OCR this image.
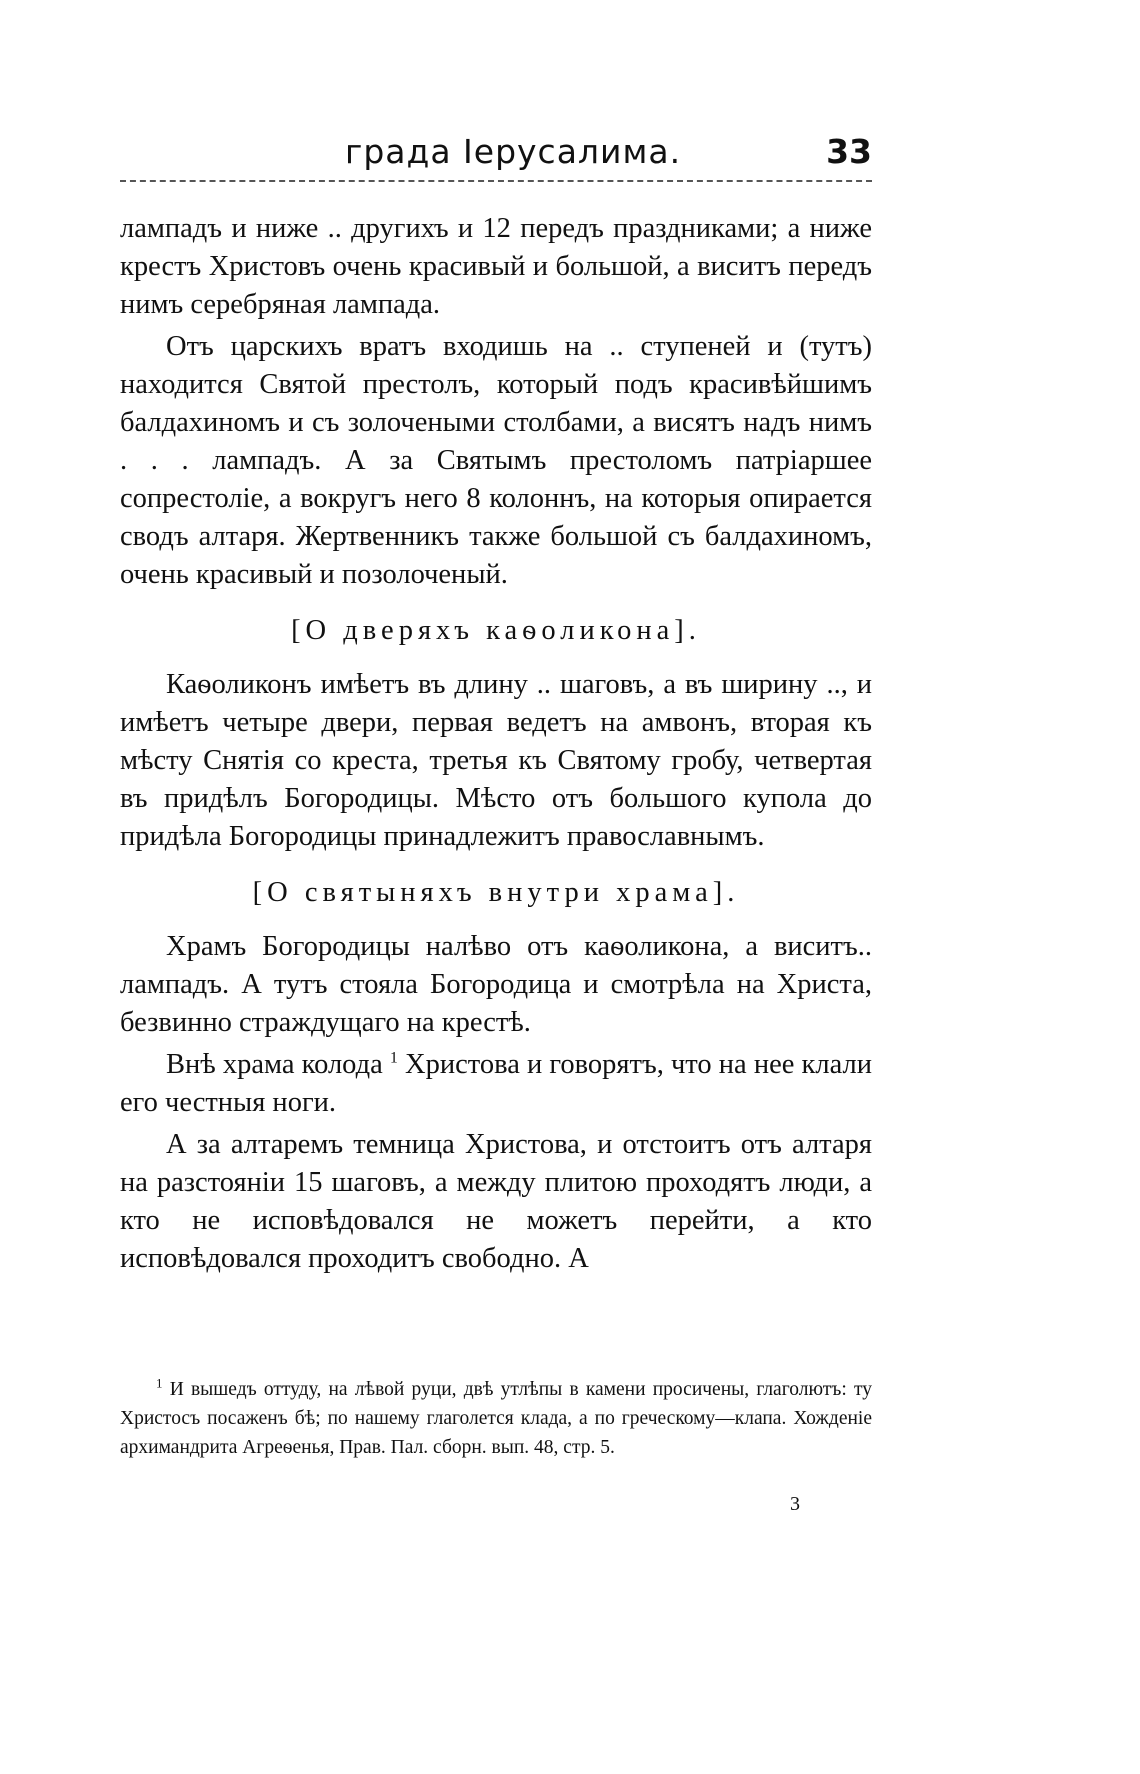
града Іерусалима.	33

лампадъ и ниже .. другихъ и 12 передъ праздниками; а ниже крестъ Христовъ очень красивый и большой, а виситъ передъ нимъ серебряная лампада.

Отъ царскихъ вратъ входишь на .. ступеней и (тутъ) находится Святой престолъ, который подъ красивѣйшимъ балдахиномъ и съ золочеными столбами, а висятъ надъ нимъ . . . лампадъ. А за Святымъ престоломъ патріаршее сопрестоліе, а вокругъ него 8 колоннъ, на которыя опирается сводъ алтаря. Жертвенникъ также большой съ балдахиномъ, очень красивый и позолоченый.

[О дверяхъ каѳоликона].

Каѳоликонъ имѣетъ въ длину .. шаговъ, а въ ширину .., и имѣетъ четыре двери, первая ведетъ на амвонъ, вторая къ мѣсту Снятія со креста, третья къ Святому гробу, четвертая въ придѣлъ Богородицы. Мѣсто отъ большого купола до придѣла Богородицы принадлежитъ православнымъ.

[О святыняхъ внутри храма].

Храмъ Богородицы налѣво отъ каѳоликона, а виситъ.. лампадъ. А тутъ стояла Богородица и смотрѣла на Христа, безвинно страждущаго на крестѣ.

Внѣ храма колода $^1$ Христова и говорятъ, что на нее клали его честныя ноги.

А за алтаремъ темница Христова, и отстоитъ отъ алтаря на разстояніи 15 шаговъ, а между плитою проходятъ люди, а кто не исповѣдовался не можетъ перейти, а кто исповѣдовался проходитъ свободно. А

$^1$ И вышедъ оттуду, на лѣвой руци, двѣ утлѣпы в камени просичены, глаголютъ: ту Христосъ посаженъ бѣ; по нашему глаголется клада, а по греческому—клапа. Хожденіе архимандрита Агреѳенья, Прав. Пал. сборн. вып. 48, стр. 5.

3
